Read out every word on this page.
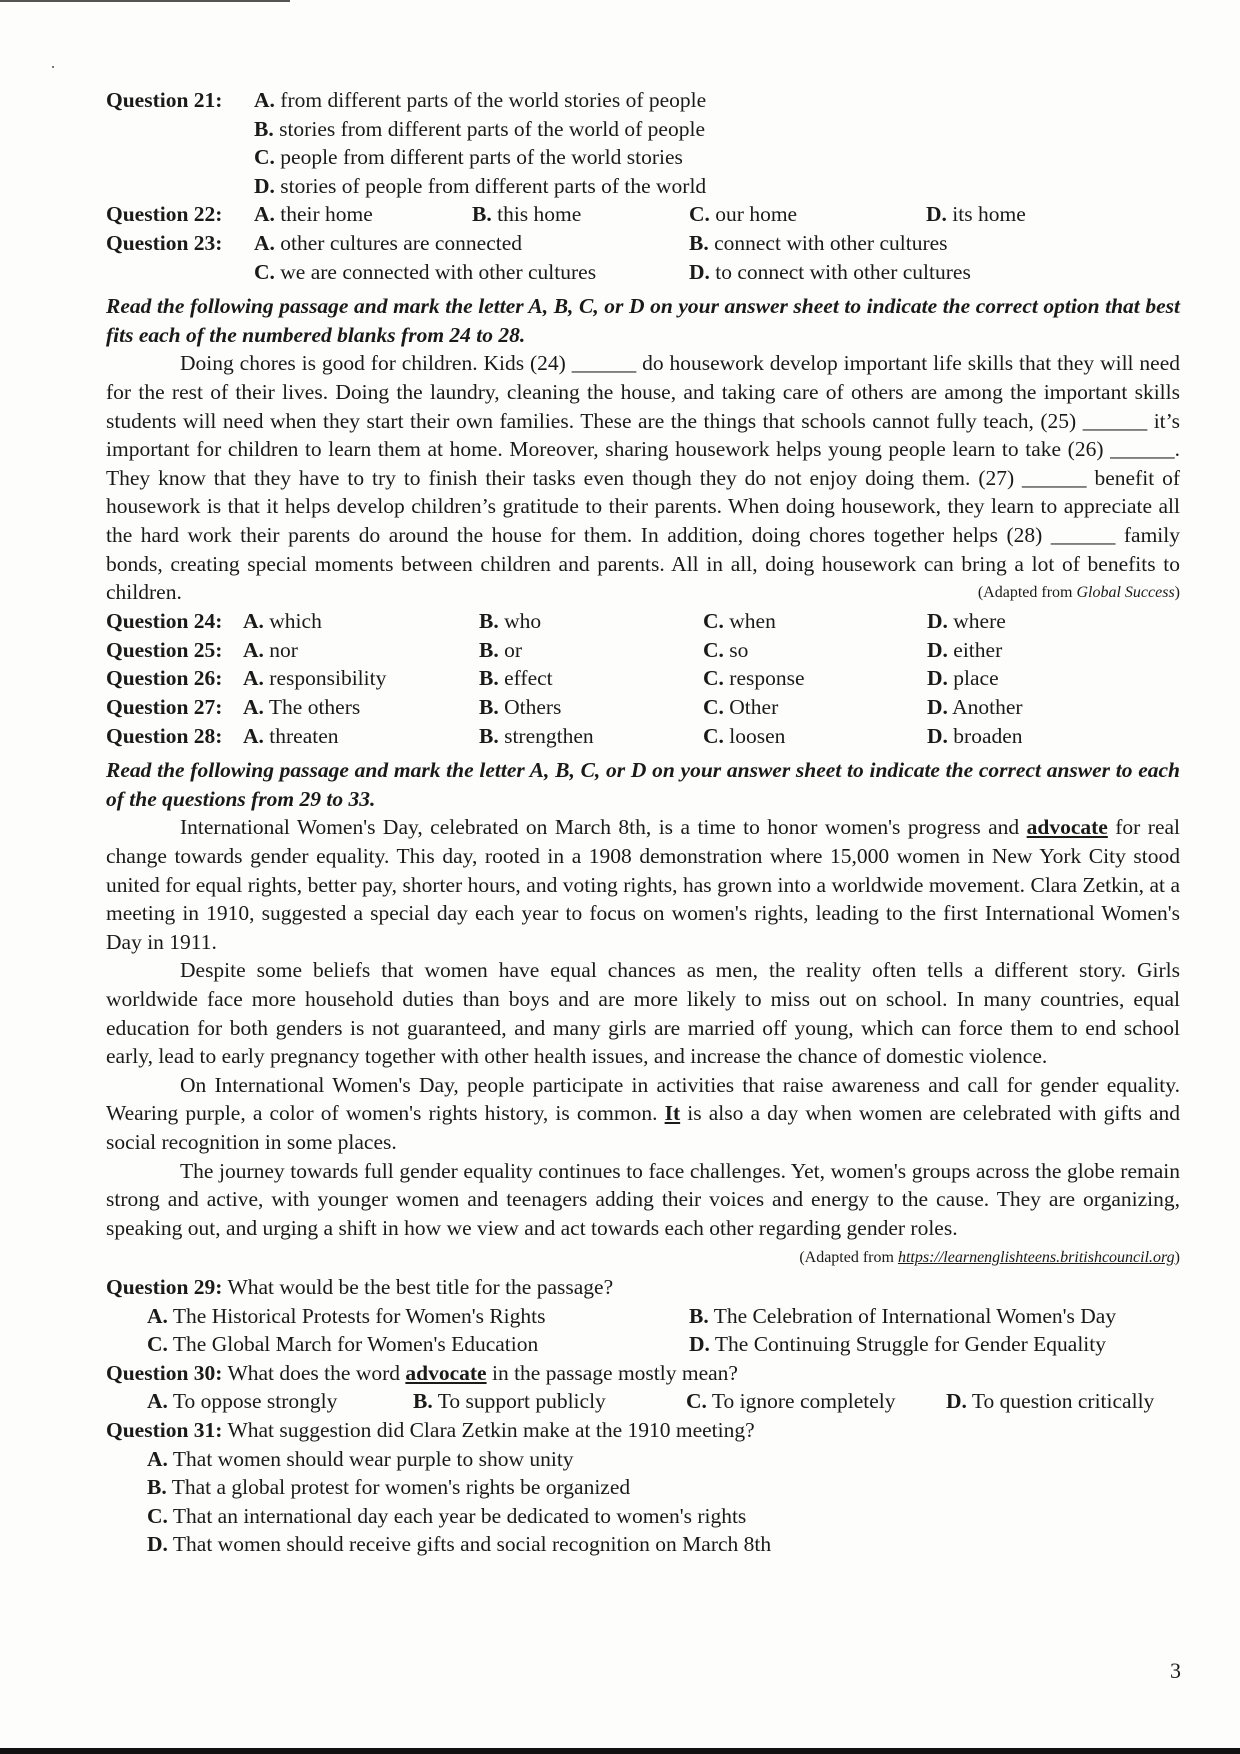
Question 21: A. from different parts of the world stories of people
B. stories from different parts of the world of people
C. people from different parts of the world stories
D. stories of people from different parts of the world
Question 22: A. their home	B. this home	C. our home	D. its home
Question 23: A. other cultures are connected	B. connect with other cultures
C. we are connected with other cultures	D. to connect with other cultures
Read the following passage and mark the letter A, B, C, or D on your answer sheet to indicate the correct option that best fits each of the numbered blanks from 24 to 28.

Doing chores is good for children. Kids (24) ______ do housework develop important life skills that they will need for the rest of their lives. Doing the laundry, cleaning the house, and taking care of others are among the important skills students will need when they start their own families. These are the things that schools cannot fully teach, (25) ______ it’s important for children to learn them at home. Moreover, sharing housework helps young people learn to take (26) ______. They know that they have to try to finish their tasks even though they do not enjoy doing them. (27) ______ benefit of housework is that it helps develop children’s gratitude to their parents. When doing housework, they learn to appreciate all the hard work their parents do around the house for them. In addition, doing chores together helps (28) ______ family bonds, creating special moments between children and parents. All in all, doing housework can bring a lot of benefits to children.	(Adapted from Global Success)
Question 24: A. which	B. who	C. when	D. where
Question 25: A. nor	B. or	C. so	D. either
Question 26: A. responsibility	B. effect	C. response	D. place
Question 27: A. The others	B. Others	C. Other	D. Another
Question 28: A. threaten	B. strengthen	C. loosen	D. broaden
Read the following passage and mark the letter A, B, C, or D on your answer sheet to indicate the correct answer to each of the questions from 29 to 33.

International Women's Day, celebrated on March 8th, is a time to honor women's progress and advocate for real change towards gender equality. This day, rooted in a 1908 demonstration where 15,000 women in New York City stood united for equal rights, better pay, shorter hours, and voting rights, has grown into a worldwide movement. Clara Zetkin, at a meeting in 1910, suggested a special day each year to focus on women's rights, leading to the first International Women's Day in 1911.

Despite some beliefs that women have equal chances as men, the reality often tells a different story. Girls worldwide face more household duties than boys and are more likely to miss out on school. In many countries, equal education for both genders is not guaranteed, and many girls are married off young, which can force them to end school early, lead to early pregnancy together with other health issues, and increase the chance of domestic violence.

On International Women's Day, people participate in activities that raise awareness and call for gender equality. Wearing purple, a color of women's rights history, is common. It is also a day when women are celebrated with gifts and social recognition in some places.

The journey towards full gender equality continues to face challenges. Yet, women's groups across the globe remain strong and active, with younger women and teenagers adding their voices and energy to the cause. They are organizing, speaking out, and urging a shift in how we view and act towards each other regarding gender roles.

(Adapted from https://learnenglishteens.britishcouncil.org)
Question 29: What would be the best title for the passage?
A. The Historical Protests for Women's Rights	B. The Celebration of International Women's Day
C. The Global March for Women's Education	D. The Continuing Struggle for Gender Equality
Question 30: What does the word advocate in the passage mostly mean?
A. To oppose strongly	B. To support publicly	C. To ignore completely D. To question critically
Question 31: What suggestion did Clara Zetkin make at the 1910 meeting?
A. That women should wear purple to show unity
B. That a global protest for women's rights be organized
C. That an international day each year be dedicated to women's rights
D. That women should receive gifts and social recognition on March 8th
3
